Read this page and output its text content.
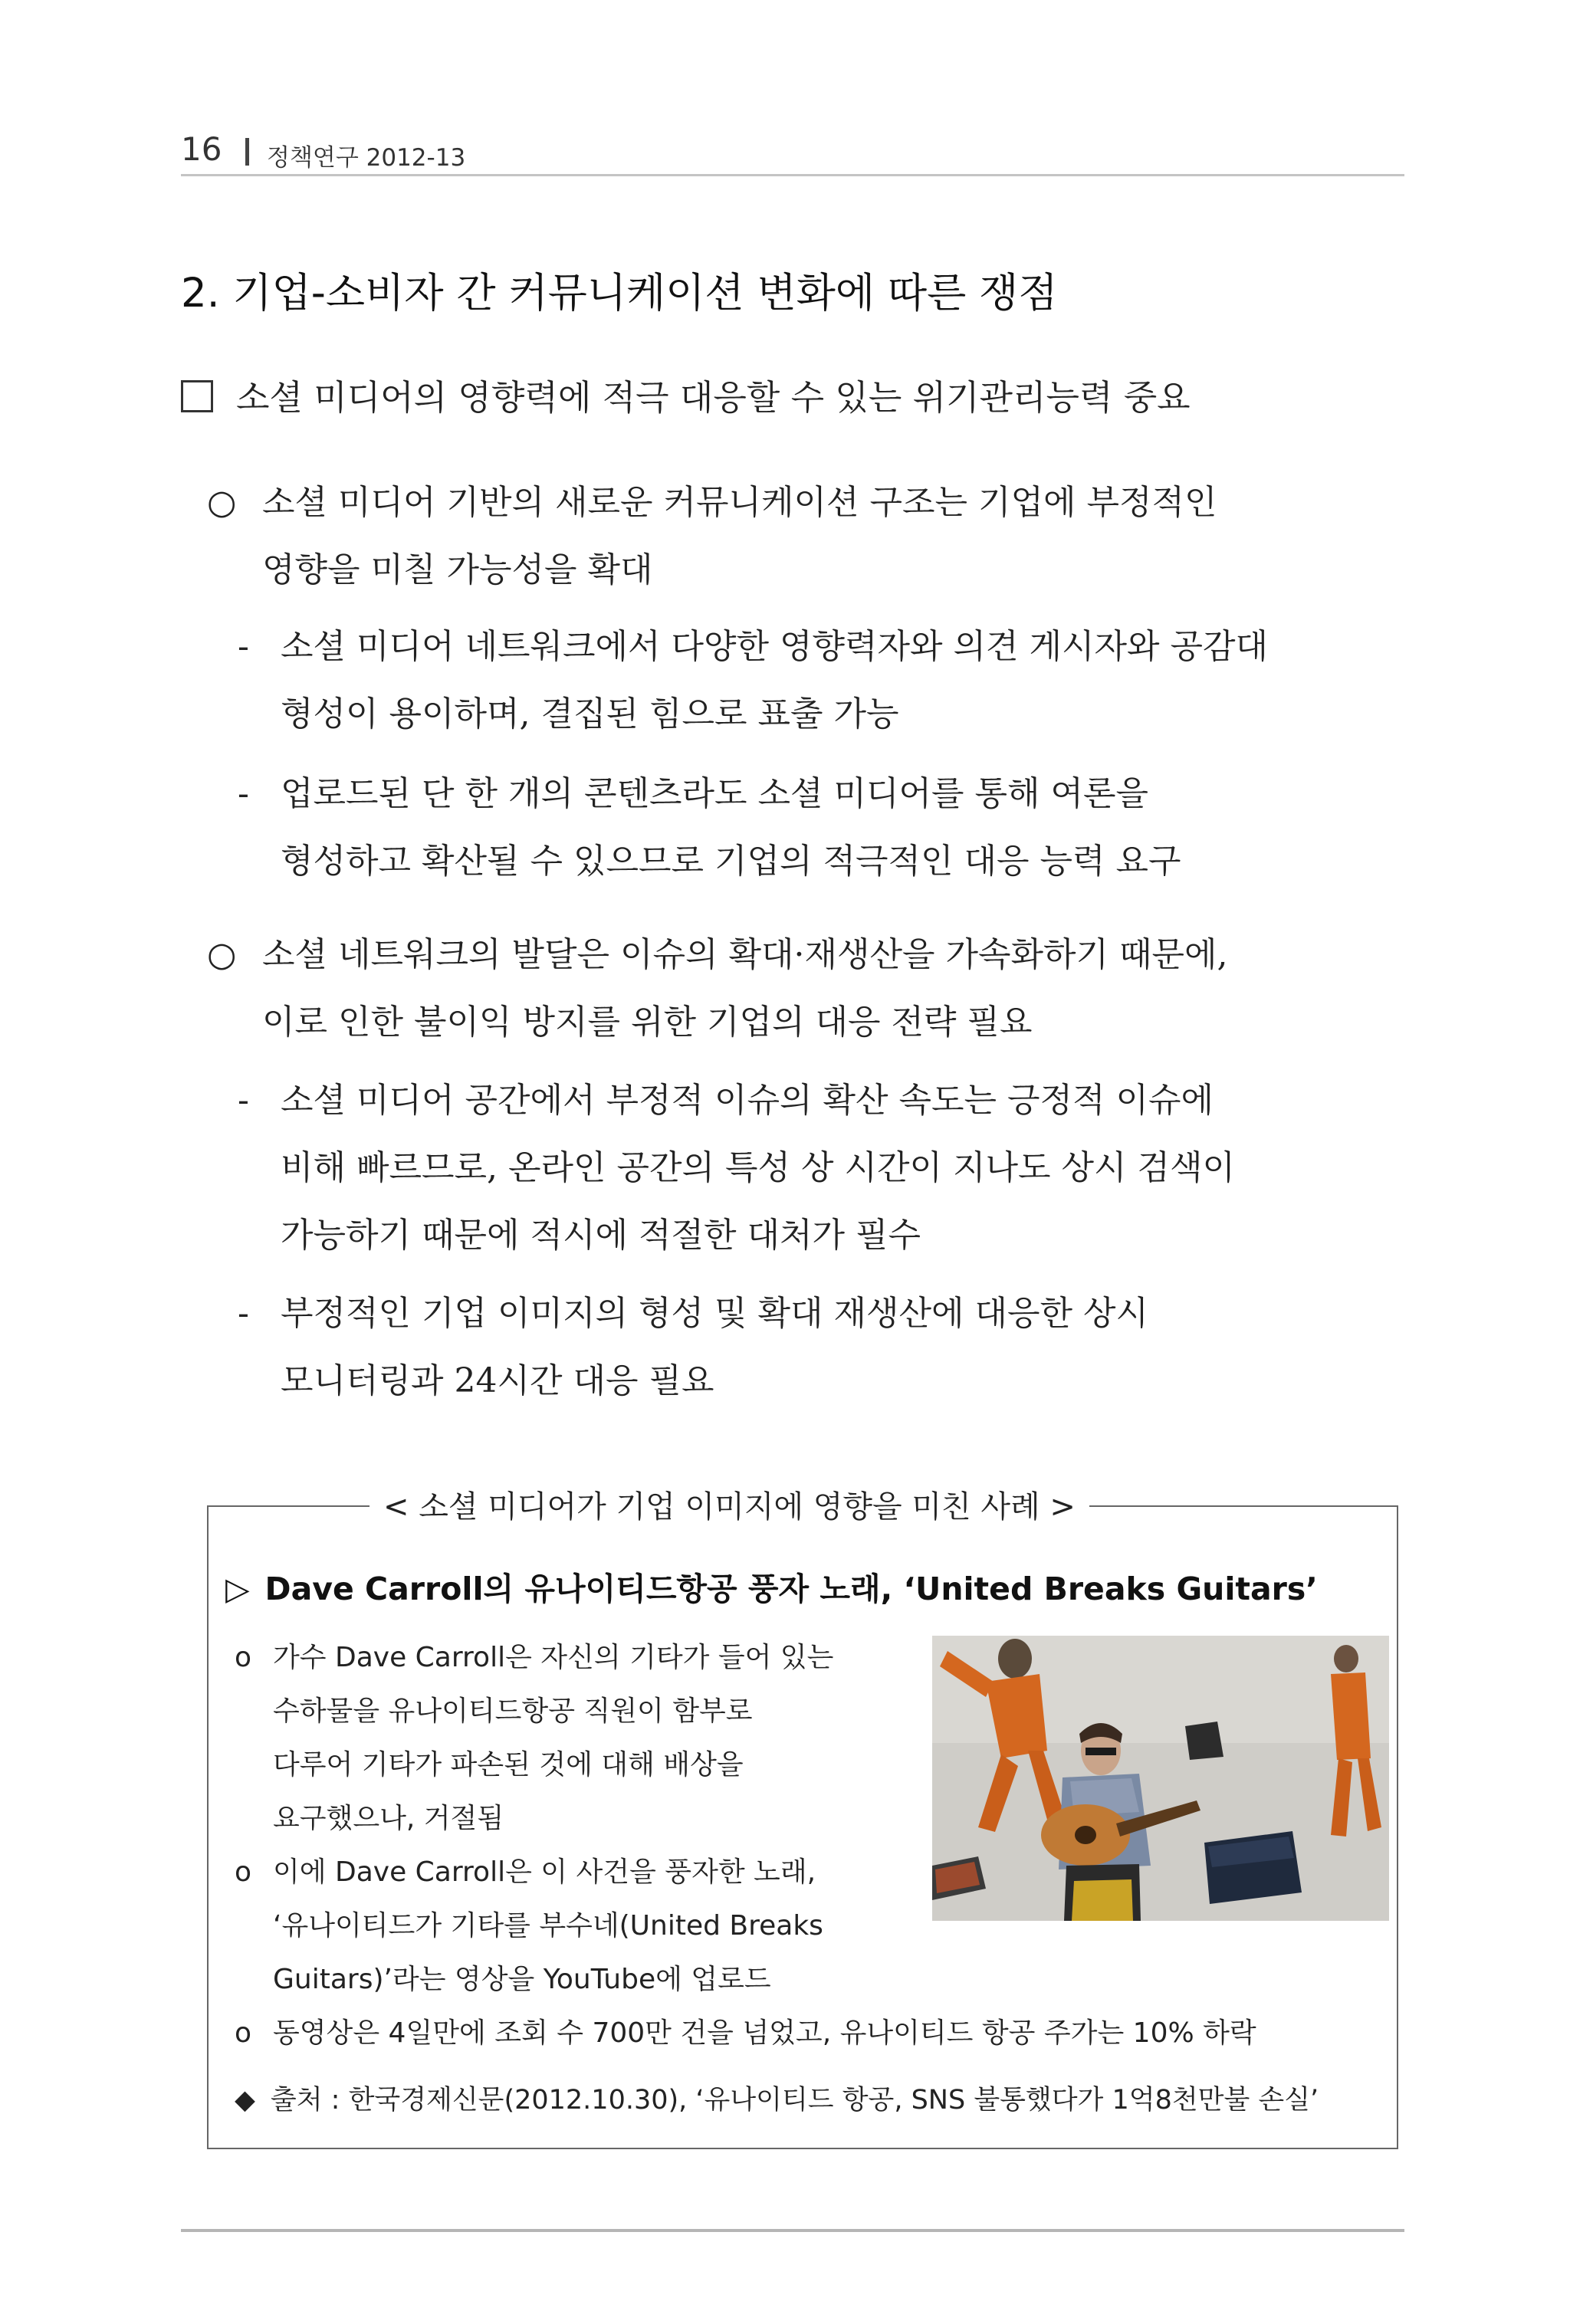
16 정책연구 2012-13
2. 기업-소비자 간 커뮤니케이션 변화에 따른 쟁점
소셜 미디어의 영향력에 적극 대응할 수 있는 위기관리능력 중요
○ 소셜 미디어 기반의 새로운 커뮤니케이션 구조는 기업에 부정적인
영향을 미칠 가능성을 확대
- 소셜 미디어 네트워크에서 다양한 영향력자와 의견 게시자와 공감대
형성이 용이하며, 결집된 힘으로 표출 가능
- 업로드된 단 한 개의 콘텐츠라도 소셜 미디어를 통해 여론을
형성하고 확산될 수 있으므로 기업의 적극적인 대응 능력 요구
○ 소셜 네트워크의 발달은 이슈의 확대·재생산을 가속화하기 때문에,
이로 인한 불이익 방지를 위한 기업의 대응 전략 필요
- 소셜 미디어 공간에서 부정적 이슈의 확산 속도는 긍정적 이슈에
비해 빠르므로, 온라인 공간의 특성 상 시간이 지나도 상시 검색이
가능하기 때문에 적시에 적절한 대처가 필수
- 부정적인 기업 이미지의 형성 및 확대 재생산에 대응한 상시
모니터링과 24시간 대응 필요
< 소셜 미디어가 기업 이미지에 영향을 미친 사례 >
▷ Dave Carroll의 유나이티드항공 풍자 노래, ‘United Breaks Guitars’
o 가수 Dave Carroll은 자신의 기타가 들어 있는
수하물을 유나이티드항공 직원이 함부로
다루어 기타가 파손된 것에 대해 배상을
요구했으나, 거절됨
o 이에 Dave Carroll은 이 사건을 풍자한 노래,
‘유나이티드가 기타를 부수네(United Breaks
Guitars)’라는 영상을 YouTube에 업로드
o 동영상은 4일만에 조회 수 700만 건을 넘었고, 유나이티드 항공 주가는 10% 하락
◆ 출처 : 한국경제신문(2012.10.30), ‘유나이티드 항공, SNS 불통했다가 1억8천만불 손실’
